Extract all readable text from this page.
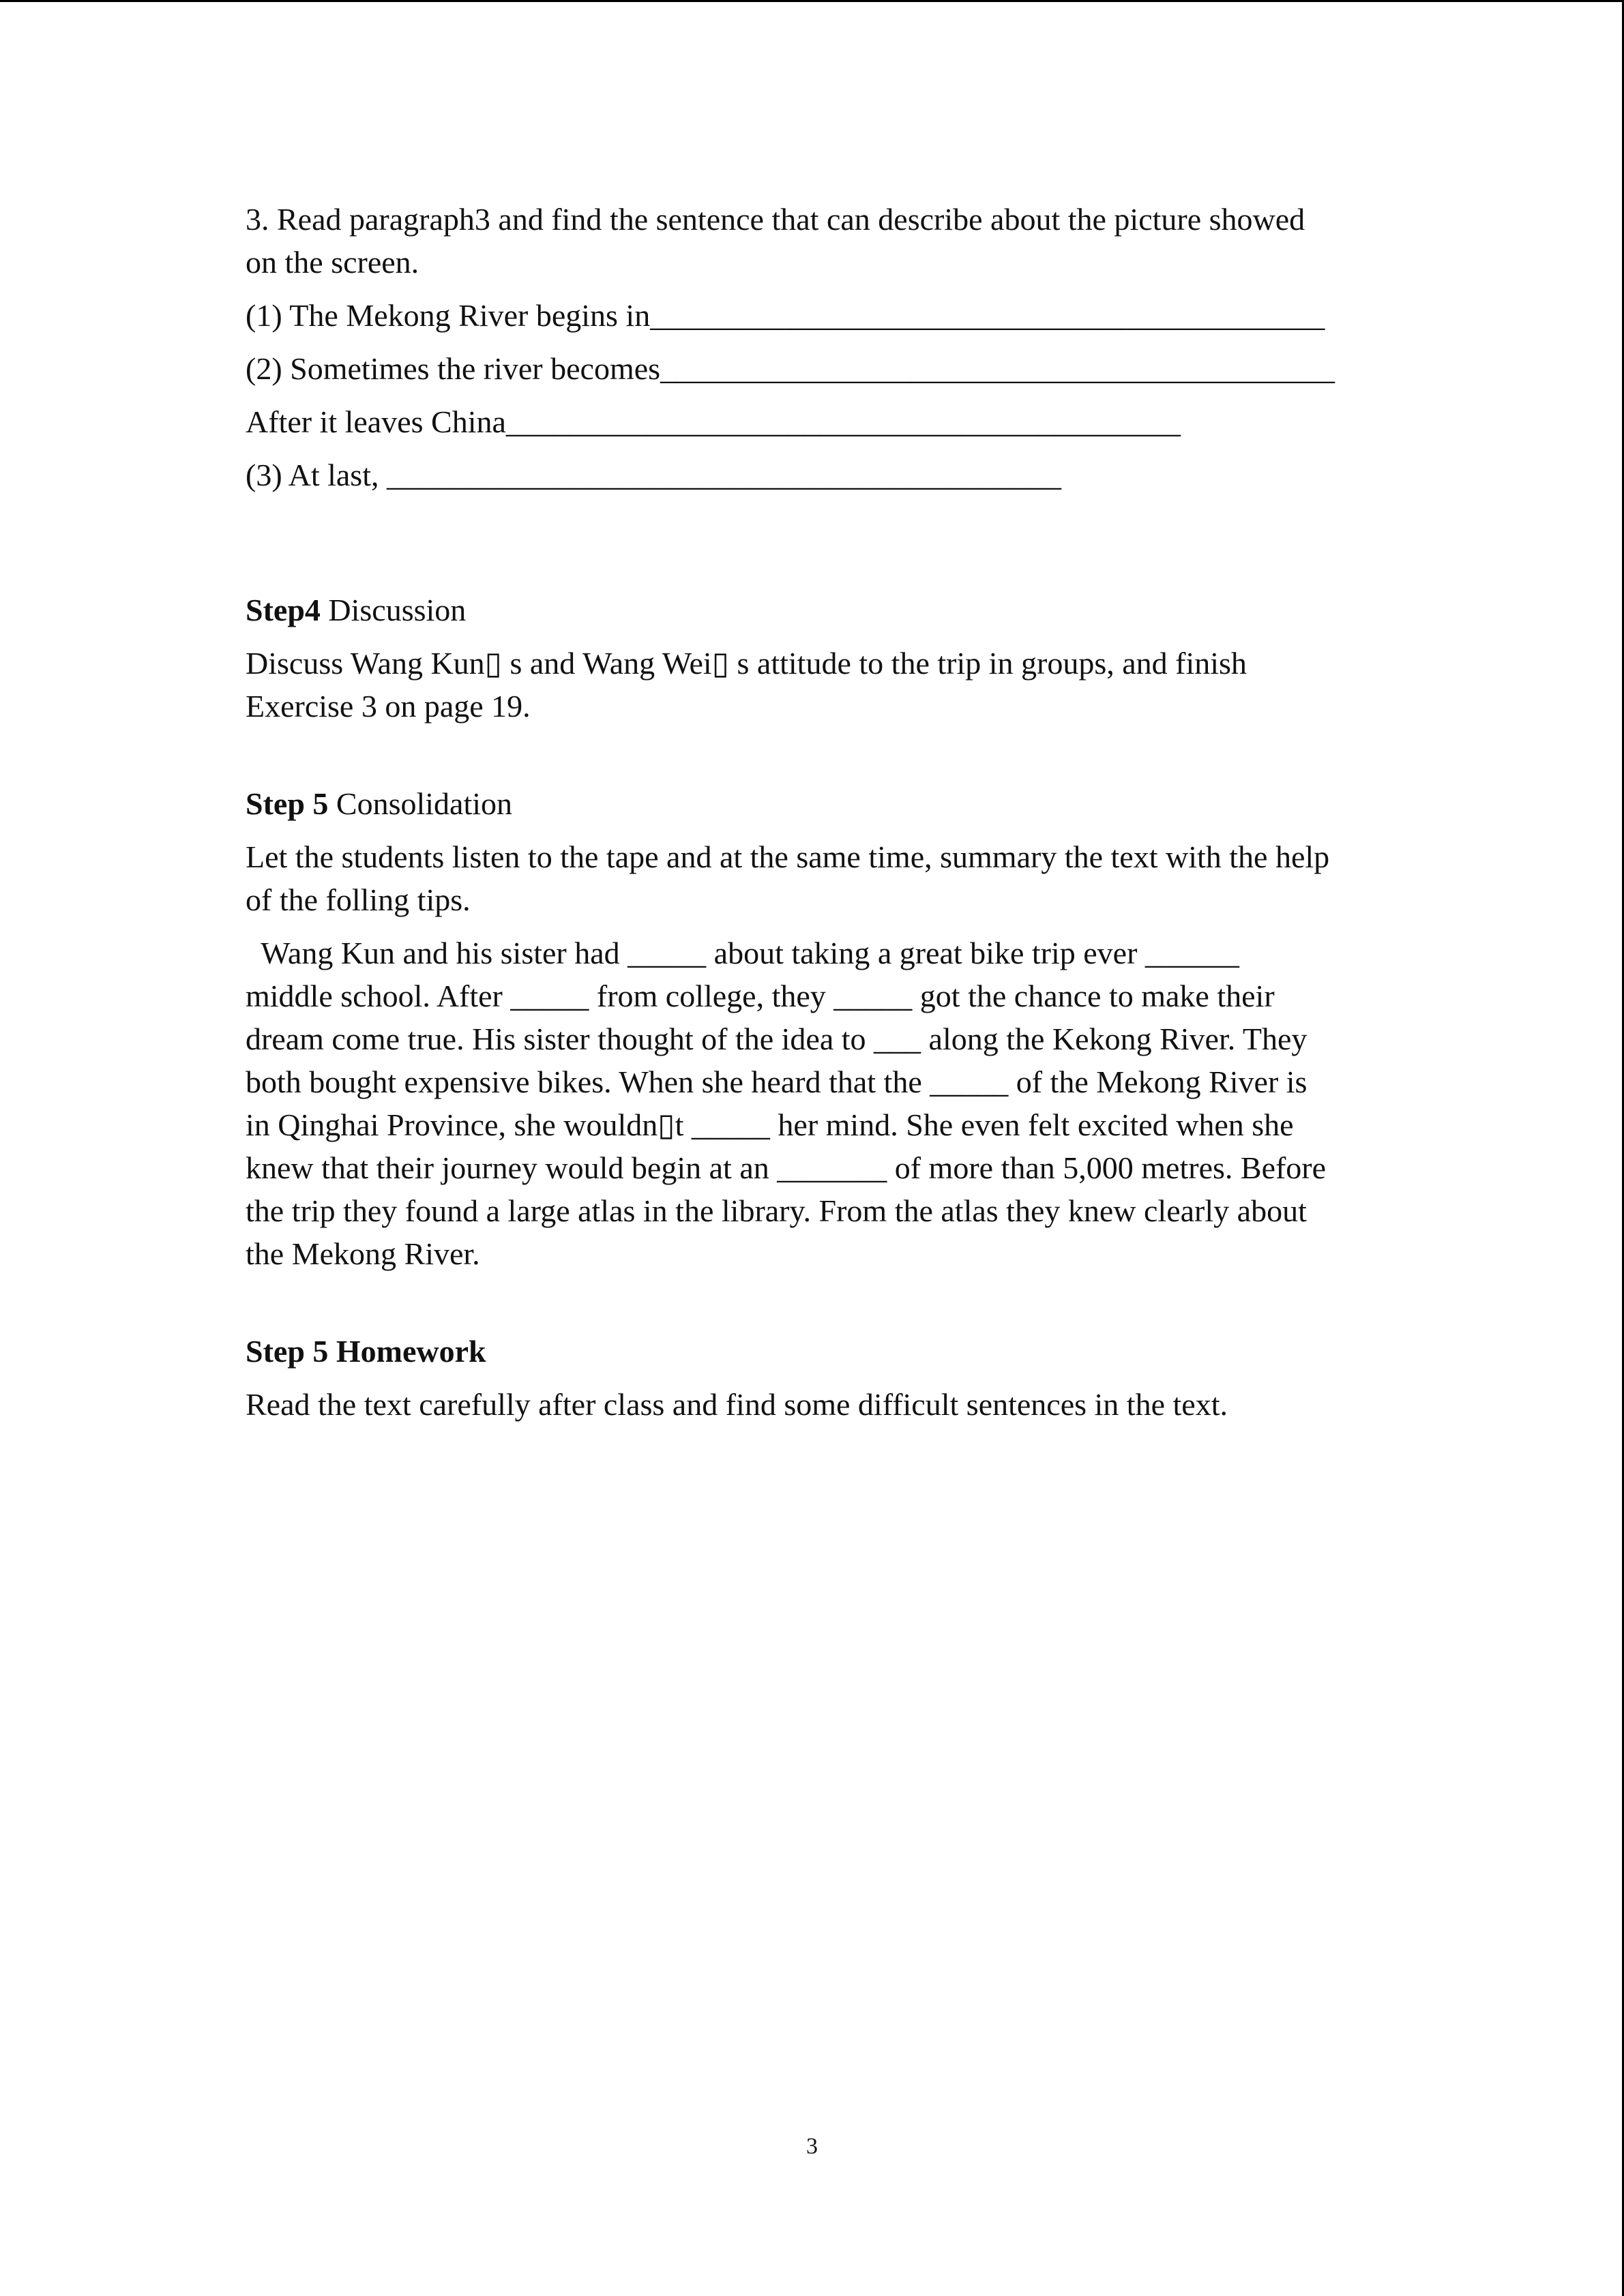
3. Read paragraph3 and find the sentence that can describe about the picture showed

on the screen.

(1) The Mekong River begins in___________________________________________

(2) Sometimes the river becomes___________________________________________

After it leaves China___________________________________________

(3) At last, ___________________________________________

Step4 Discussion

Discuss Wang Kun▯ s and Wang Wei▯ s attitude to the trip in groups, and finish

Exercise 3 on page 19.

Step 5 Consolidation

Let the students listen to the tape and at the same time, summary the text with the help

of the folling tips.

Wang Kun and his sister had _____ about taking a great bike trip ever ______

middle school. After _____ from college, they _____ got the chance to make their

dream come true. His sister thought of the idea to ___ along the Kekong River. They

both bought expensive bikes. When she heard that the _____ of the Mekong River is

in Qinghai Province, she wouldn▯t _____ her mind. She even felt excited when she

knew that their journey would begin at an _______ of more than 5,000 metres. Before

the trip they found a large atlas in the library. From the atlas they knew clearly about

the Mekong River.

Step 5 Homework

Read the text carefully after class and find some difficult sentences in the text.

3
